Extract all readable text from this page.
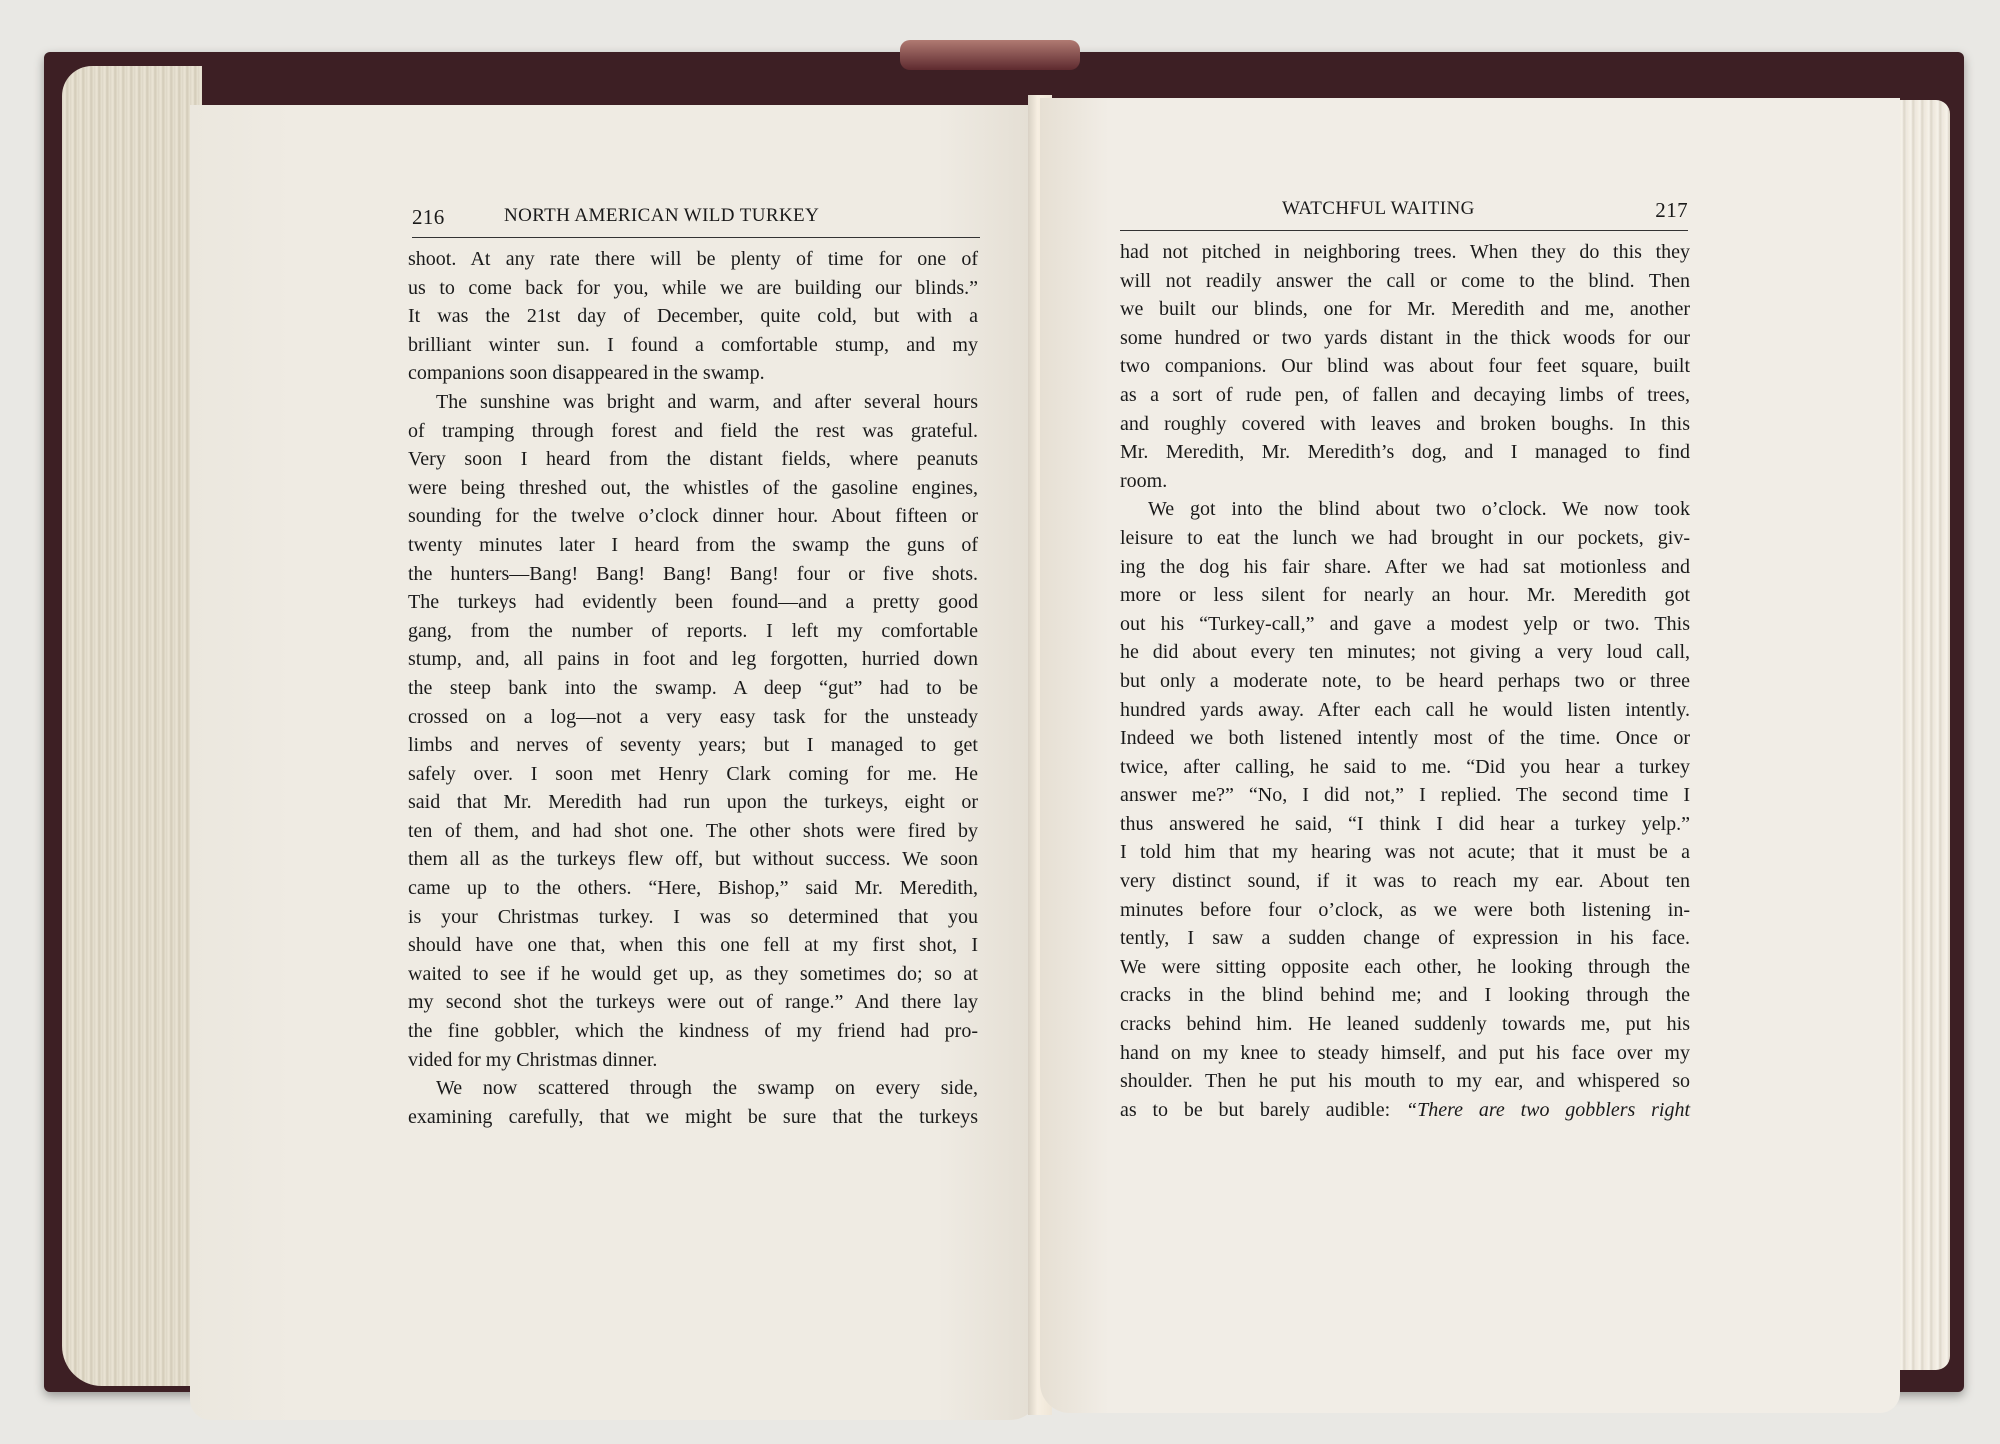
216	NORTH AMERICAN WILD TURKEY
shoot. At any rate there will be plenty of time for one of
us to come back for you, while we are building our blinds.”
It was the 21st day of December, quite cold, but with a
brilliant winter sun. I found a comfortable stump, and my
companions soon disappeared in the swamp.
The sunshine was bright and warm, and after several hours
of tramping through forest and field the rest was grateful.
Very soon I heard from the distant fields, where peanuts
were being threshed out, the whistles of the gasoline engines,
sounding for the twelve o’clock dinner hour. About fifteen or
twenty minutes later I heard from the swamp the guns of
the hunters—Bang! Bang! Bang! Bang! four or five shots.
The turkeys had evidently been found—and a pretty good
gang, from the number of reports. I left my comfortable
stump, and, all pains in foot and leg forgotten, hurried down
the steep bank into the swamp. A deep “gut” had to be
crossed on a log—not a very easy task for the unsteady
limbs and nerves of seventy years; but I managed to get
safely over. I soon met Henry Clark coming for me. He
said that Mr. Meredith had run upon the turkeys, eight or
ten of them, and had shot one. The other shots were fired by
them all as the turkeys flew off, but without success. We soon
came up to the others. “Here, Bishop,” said Mr. Meredith,
is your Christmas turkey. I was so determined that you
should have one that, when this one fell at my first shot, I
waited to see if he would get up, as they sometimes do; so at
my second shot the turkeys were out of range.” And there lay
the fine gobbler, which the kindness of my friend had pro-
vided for my Christmas dinner.
We now scattered through the swamp on every side,
examining carefully, that we might be sure that the turkeys
WATCHFUL WAITING	217
had not pitched in neighboring trees. When they do this they
will not readily answer the call or come to the blind. Then
we built our blinds, one for Mr. Meredith and me, another
some hundred or two yards distant in the thick woods for our
two companions. Our blind was about four feet square, built
as a sort of rude pen, of fallen and decaying limbs of trees,
and roughly covered with leaves and broken boughs. In this
Mr. Meredith, Mr. Meredith’s dog, and I managed to find
room.
We got into the blind about two o’clock. We now took
leisure to eat the lunch we had brought in our pockets, giv-
ing the dog his fair share. After we had sat motionless and
more or less silent for nearly an hour. Mr. Meredith got
out his “Turkey-call,” and gave a modest yelp or two. This
he did about every ten minutes; not giving a very loud call,
but only a moderate note, to be heard perhaps two or three
hundred yards away. After each call he would listen intently.
Indeed we both listened intently most of the time. Once or
twice, after calling, he said to me. “Did you hear a turkey
answer me?” “No, I did not,” I replied. The second time I
thus answered he said, “I think I did hear a turkey yelp.”
I told him that my hearing was not acute; that it must be a
very distinct sound, if it was to reach my ear. About ten
minutes before four o’clock, as we were both listening in-
tently, I saw a sudden change of expression in his face.
We were sitting opposite each other, he looking through the
cracks in the blind behind me; and I looking through the
cracks behind him. He leaned suddenly towards me, put his
hand on my knee to steady himself, and put his face over my
shoulder. Then he put his mouth to my ear, and whispered so
as to be but barely audible: “There are two gobblers right
